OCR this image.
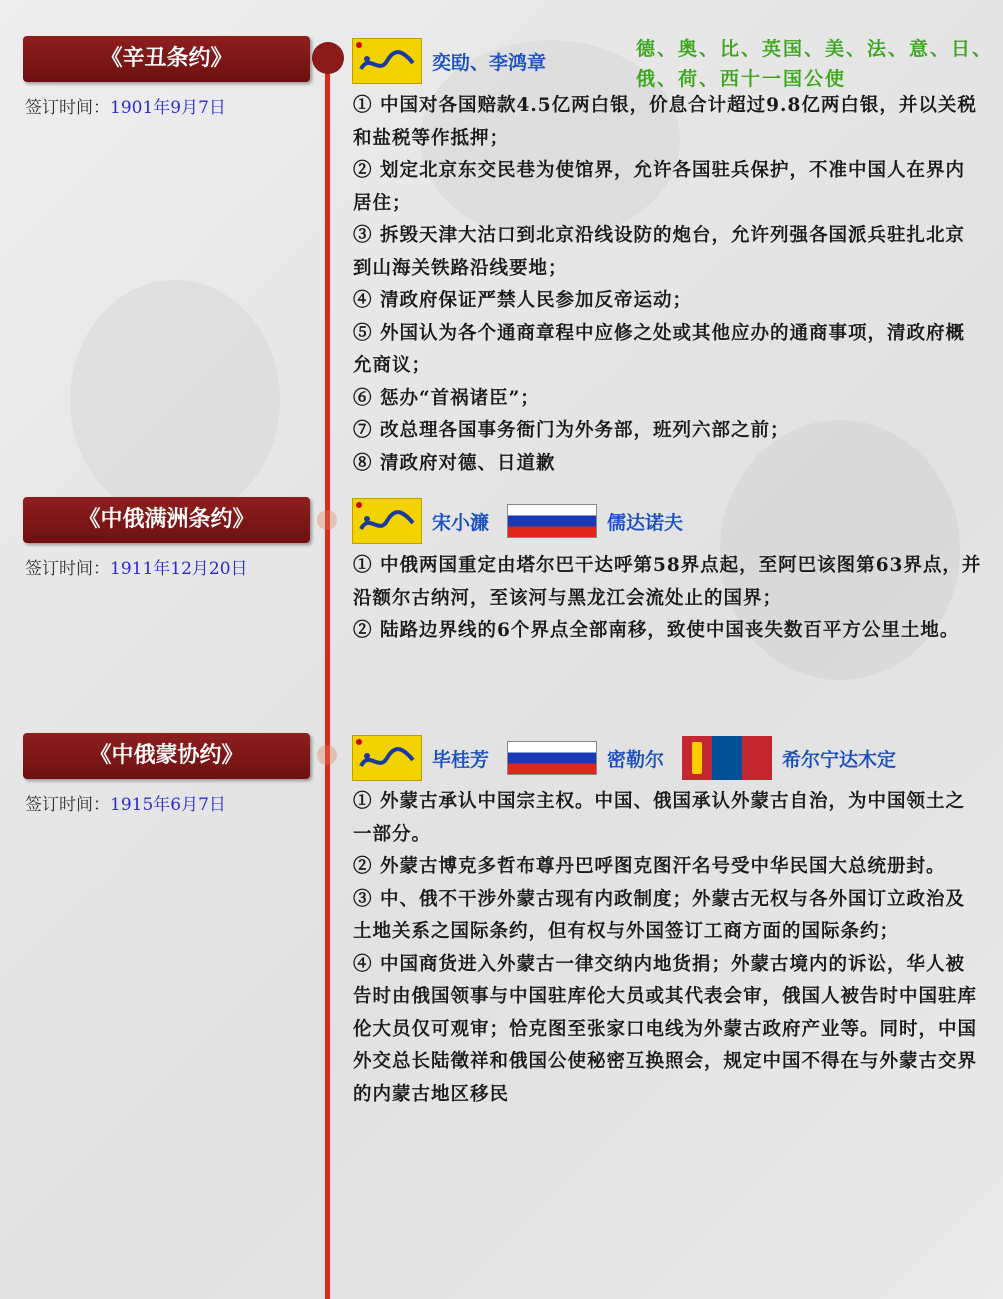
《辛丑条约》
签订时间：1901年9月7日
奕劻、李鸿章
德、奥、比、英国、美、法、意、日、俄、荷、西十一国公使

① 中国对各国赔款4.5亿两白银，价息合计超过9.8亿两白银，并以关税和盐税等作抵押；

② 划定北京东交民巷为使馆界，允许各国驻兵保护，不准中国人在界内居住；

③ 拆毁天津大沽口到北京沿线设防的炮台，允许列强各国派兵驻扎北京到山海关铁路沿线要地；

④ 清政府保证严禁人民参加反帝运动；

⑤ 外国认为各个通商章程中应修之处或其他应办的通商事项，清政府概允商议；

⑥ 惩办“首祸诸臣”；

⑦ 改总理各国事务衙门为外务部，班列六部之前；

⑧ 清政府对德、日道歉

《中俄满洲条约》
签订时间：1911年12月20日
宋小濂	儒达诺夫

① 中俄两国重定由塔尔巴干达呼第58界点起，至阿巴该图第63界点，并沿额尔古纳河，至该河与黑龙江会流处止的国界；

② 陆路边界线的6个界点全部南移，致使中国丧失数百平方公里土地。

《中俄蒙协约》
签订时间：1915年6月7日
毕桂芳	密勒尔	希尔宁达木定

① 外蒙古承认中国宗主权。中国、俄国承认外蒙古自治，为中国领土之一部分。

② 外蒙古博克多哲布尊丹巴呼图克图汗名号受中华民国大总统册封。

③ 中、俄不干涉外蒙古现有内政制度；外蒙古无权与各外国订立政治及土地关系之国际条约，但有权与外国签订工商方面的国际条约；

④ 中国商货进入外蒙古一律交纳内地货捐；外蒙古境内的诉讼，华人被告时由俄国领事与中国驻库伦大员或其代表会审，俄国人被告时中国驻库伦大员仅可观审；恰克图至张家口电线为外蒙古政府产业等。同时，中国外交总长陆徵祥和俄国公使秘密互换照会，规定中国不得在与外蒙古交界的内蒙古地区移民
